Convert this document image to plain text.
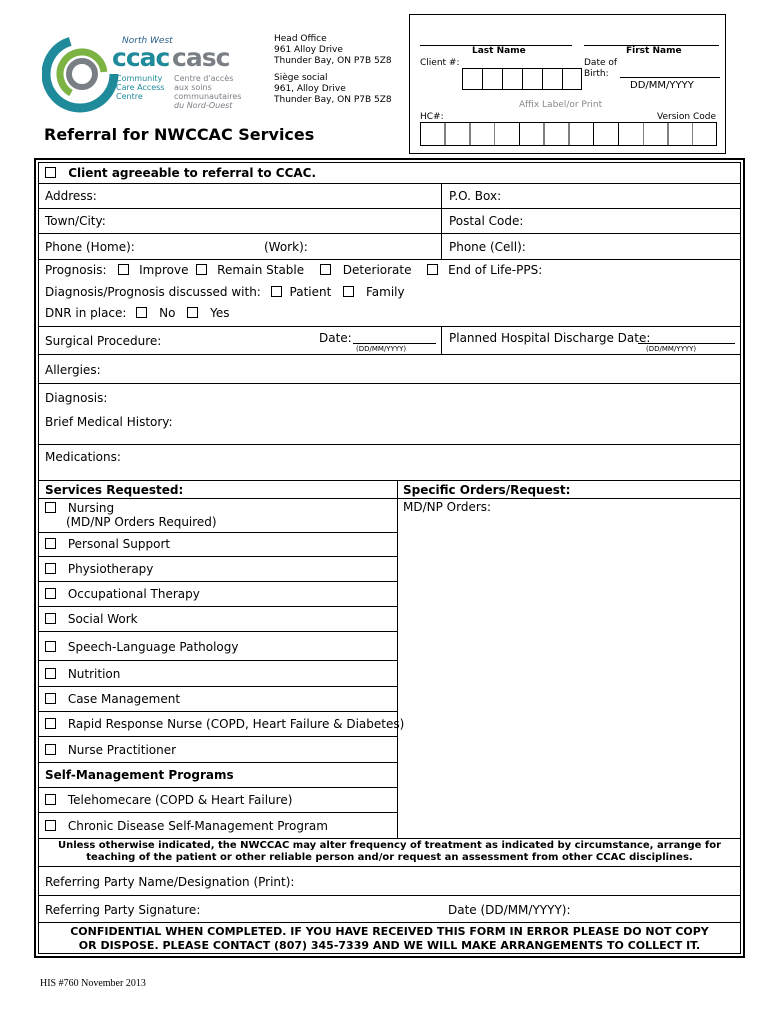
North West
ccac casc
Community
Care Access
Centre
Centre d'accès
aux soins
communautaires
du Nord-Ouest
Head Office
961 Alloy Drive
Thunder Bay, ON P7B 5Z8
Siège social
961, Alloy Drive
Thunder Bay, ON P7B 5Z8
Referral for NWCCAC Services
Last Name	First Name
Client #:	Date of
Birth:
DD/MM/YYYY
Affix Label/or Print
HC#:	Version Code
Client agreeable to referral to CCAC.
Address:	P.O. Box:
Town/City:	Postal Code:
Phone (Home):	(Work):	Phone (Cell):
Prognosis:	Improve Remain Stable	Deteriorate	End of Life-PPS:
Diagnosis/Prognosis discussed with: Patient	Family
DNR in place:	No	Yes
Surgical Procedure:	Date:
(DD/MM/YYYY)
Planned Hospital Discharge Date:
(DD/MM/YYYY)
Allergies:
Diagnosis:
Brief Medical History:
Medications:
Services Requested:	Specific Orders/Request:
MD/NP Orders:
Nursing
(MD/NP Orders Required)
Personal Support
Physiotherapy
Occupational Therapy
Social Work
Speech-Language Pathology
Nutrition
Case Management
Rapid Response Nurse (COPD, Heart Failure & Diabetes)
Nurse Practitioner
Self-Management Programs
Telehomecare (COPD & Heart Failure)
Chronic Disease Self-Management Program
Unless otherwise indicated, the NWCCAC may alter frequency of treatment as indicated by circumstance, arrange for
teaching of the patient or other reliable person and/or request an assessment from other CCAC disciplines.
Referring Party Name/Designation (Print):
Referring Party Signature:	Date (DD/MM/YYYY):
CONFIDENTIAL WHEN COMPLETED. IF YOU HAVE RECEIVED THIS FORM IN ERROR PLEASE DO NOT COPY
OR DISPOSE. PLEASE CONTACT (807) 345-7339 AND WE WILL MAKE ARRANGEMENTS TO COLLECT IT.
HIS #760 November 2013
